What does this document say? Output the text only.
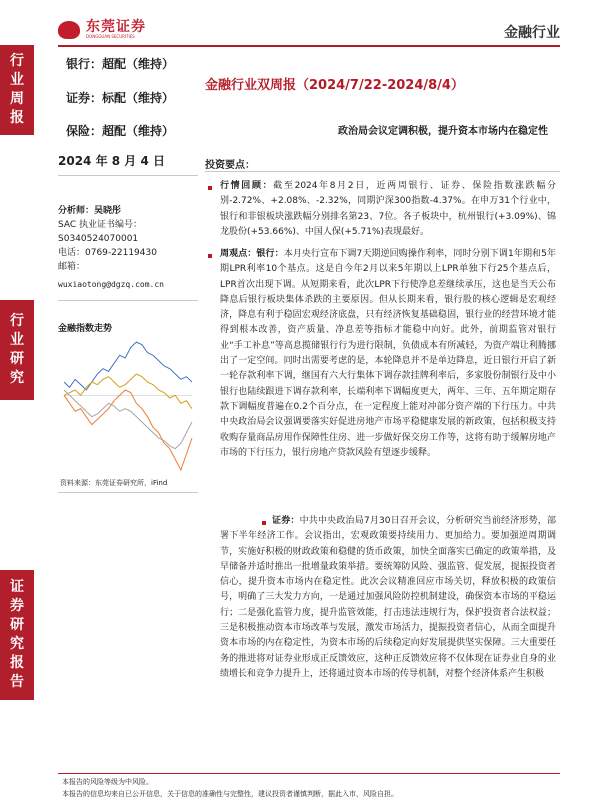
东莞证券
DONGGUAN SECURITIES	金融行业
行业周报
行业研究
证券研究报告
银行：超配（维持）
证券：标配（维持）
保险：超配（维持）
2024 年 8 月 4 日
分析师：吴晓彤
SAC 执业证书编号：
S0340524070001
电话：0769-22119430
邮箱：
wuxiaotong@dgzq.com.cn
金融指数走势
资料来源：东莞证券研究所，iFind
金融行业双周报（2024/7/22-2024/8/4）
政治局会议定调积极，提升资本市场内在稳定性
投资要点：
行情回顾：截至2024年8月2日，近两周银行、证券、保险指数涨跌幅分别-2.72%、+2.08%、-2.32%，同期沪深300指数-4.37%。在申万31个行业中，银行和非银板块涨跌幅分别排名第23、7位。各子板块中，杭州银行(+3.09%)、锦龙股份(+53.66%)、中国人保(+5.71%)表现最好。
周观点：银行：本月央行宣布下调7天期逆回购操作利率，同时分别下调1年期和5年期LPR利率10个基点。这是自今年2月以来5年期以上LPR单独下行25个基点后，LPR首次出现下调。从短期来看，此次LPR下行使净息差继续承压，这也是当天公布降息后银行板块集体杀跌的主要原因。但从长期来看，银行股的核心逻辑是宏观经济，降息有利于稳固宏观经济底盘，只有经济恢复基础稳固，银行业的经营环境才能得到根本改善，资产质量、净息差等指标才能稳中向好。此外，前期监管对银行业“手工补息”等高息揽储银行行为进行限制，负债成本有所减轻，为资产端让利腾挪出了一定空间。同时出需要考虑的是，本轮降息并不是单边降息，近日银行开启了新一轮存款利率下调，继国有六大行集体下调存款挂牌利率后，多家股份制银行及中小银行也陆续跟进下调存款利率，长端利率下调幅度更大，两年、三年、五年期定期存款下调幅度普遍在0.2个百分点，在一定程度上能对冲部分资产端的下行压力。中共中央政治局会议强调要落实好促进房地产市场平稳健康发展的新政策，包括积极支持收购存量商品房用作保障性住房、进一步做好保交房工作等，这将有助于缓解房地产市场的下行压力，银行房地产贷款风险有望逐步缓释。
证券：中共中央政治局7月30日召开会议，分析研究当前经济形势，部署下半年经济工作。会议指出，宏观政策要持续用力、更加给力。要加强逆周期调节，实施好积极的财政政策和稳健的货币政策，加快全面落实已确定的政策举措，及早储备并适时推出一批增量政策举措。要统筹防风险、强监管、促发展，提振投资者信心，提升资本市场内在稳定性。此次会议精准回应市场关切，释放积极的政策信号，明确了三大发力方向，一是通过加强风险防控机制建设，确保资本市场的平稳运行；二是强化监管力度，提升监管效能，打击违法违规行为，保护投资者合法权益；三是积极推动资本市场改革与发展，激发市场活力，提振投资者信心，从而全面提升资本市场的内在稳定性，为资本市场的后续稳定向好发展提供坚实保障。三大重要任务的推进将对证券业形成正反馈效应，这种正反馈效应将不仅体现在证券业自身的业绩增长和竞争力提升上，还将通过资本市场的传导机制，对整个经济体系产生积极
本报告的风险等级为中风险。
本报告的信息均来自已公开信息，关于信息的准确性与完整性，建议投资者谨慎判断，据此入市，风险自担。
